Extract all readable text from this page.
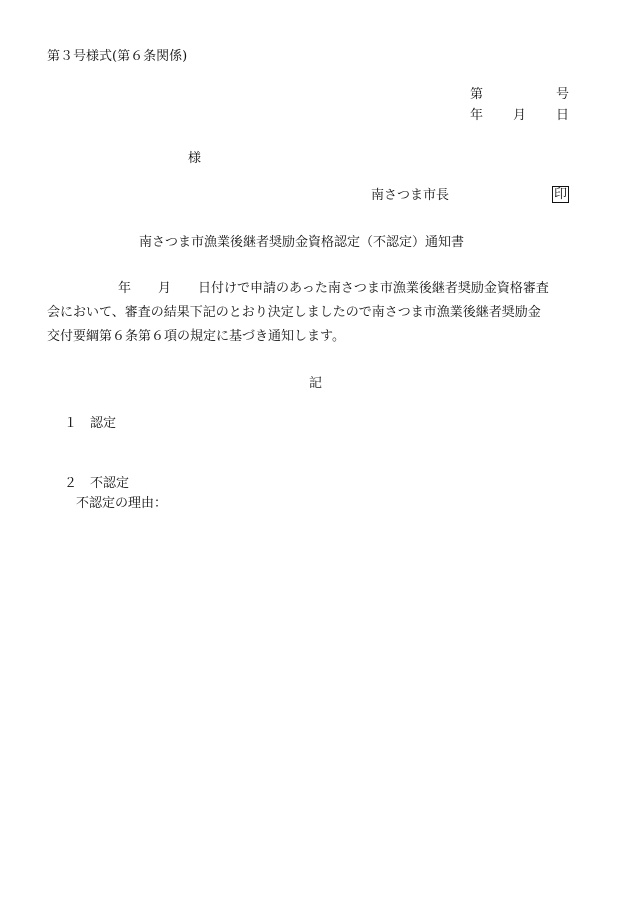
第３号様式(第６条関係)
第	号
年 月 日
様
南さつま市長	印
南さつま市漁業後継者奨励金資格認定（不認定）通知書
年 月 日付けで申請のあった南さつま市漁業後継者奨励金資格審査
会において、審査の結果下記のとおり決定しましたので南さつま市漁業後継者奨励金
交付要綱第６条第６項の規定に基づき通知します。
記
１ 認定
２ 不認定
不認定の理由：
